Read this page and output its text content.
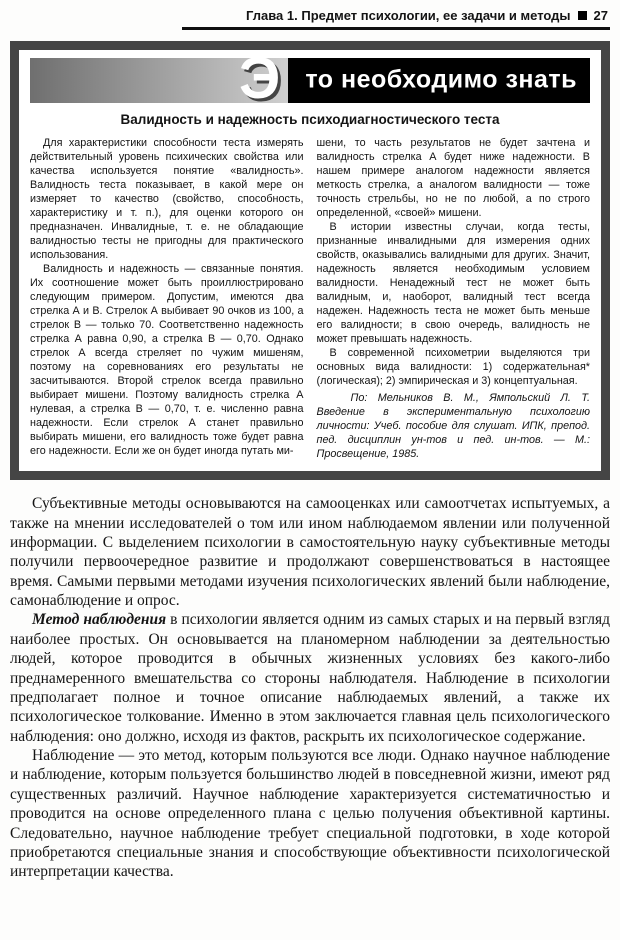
Глава 1. Предмет психологии, ее задачи и методы 27
Э то необходимо знать
Валидность и надежность психодиагностического теста

Для характеристики способности теста измерять действительный уровень психических свойства или качества используется понятие «валидность». Валидность теста показывает, в какой мере он измеряет то качество (свойство, способность, характеристику и т. п.), для оценки которого он предназначен. Инвалидные, т. е. не обладающие валидностью тесты не пригодны для практического использования.

Валидность и надежность — связанные понятия. Их соотношение может быть проиллюстрировано следующим примером. Допустим, имеются два стрелка А и В. Стрелок А выбивает 90 очков из 100, а стрелок В — только 70. Соответственно надежность стрелка А равна 0,90, а стрелка В — 0,70. Однако стрелок А всегда стреляет по чужим мишеням, поэтому на соревнованиях его результаты не засчитываются. Второй стрелок всегда правильно выбирает мишени. Поэтому валидность стрелка А нулевая, а стрелка В — 0,70, т. е. численно равна надежности. Если стрелок А станет правильно выбирать мишени, его валидность тоже будет равна его надежности. Если же он будет иногда путать ми-

шени, то часть результатов не будет зачтена и валидность стрелка А будет ниже надежности. В нашем примере аналогом надежности является меткость стрелка, а аналогом валидности — тоже точность стрельбы, но не по любой, а по строго определенной, «своей» мишени.

В истории известны случаи, когда тесты, признанные инвалидными для измерения одних свойств, оказывались валидными для других. Значит, надежность является необходимым условием валидности. Ненадежный тест не может быть валидным, и, наоборот, валидный тест всегда надежен. Надежность теста не может быть меньше его валидности; в свою очередь, валидность не может превышать надежность.

В современной психометрии выделяются три основных вида валидности: 1) содержательная* (логическая); 2) эмпирическая и 3) концептуальная.

По: Мельников В. М., Ямпольский Л. Т. Введение в экспериментальную психологию личности: Учеб. пособие для слушат. ИПК, препод. пед. дисциплин ун-тов и пед. ин-тов. — М.: Просвещение, 1985.

Субъективные методы основываются на самооценках или самоотчетах испытуемых, а также на мнении исследователей о том или ином наблюдаемом явлении или полученной информации. С выделением психологии в самостоятельную науку субъективные методы получили первоочередное развитие и продолжают совершенствоваться в настоящее время. Самыми первыми методами изучения психологических явлений были наблюдение, самонаблюдение и опрос.

Метод наблюдения в психологии является одним из самых старых и на первый взгляд наиболее простых. Он основывается на планомерном наблюдении за деятельностью людей, которое проводится в обычных жизненных условиях без какого-либо преднамеренного вмешательства со стороны наблюдателя. Наблюдение в психологии предполагает полное и точное описание наблюдаемых явлений, а также их психологическое толкование. Именно в этом заключается главная цель психологического наблюдения: оно должно, исходя из фактов, раскрыть их психологическое содержание.

Наблюдение — это метод, которым пользуются все люди. Однако научное наблюдение и наблюдение, которым пользуется большинство людей в повседневной жизни, имеют ряд существенных различий. Научное наблюдение характеризуется систематичностью и проводится на основе определенного плана с целью получения объективной картины. Следовательно, научное наблюдение требует специальной подготовки, в ходе которой приобретаются специальные знания и способствующие объективности психологической интерпретации качества.
